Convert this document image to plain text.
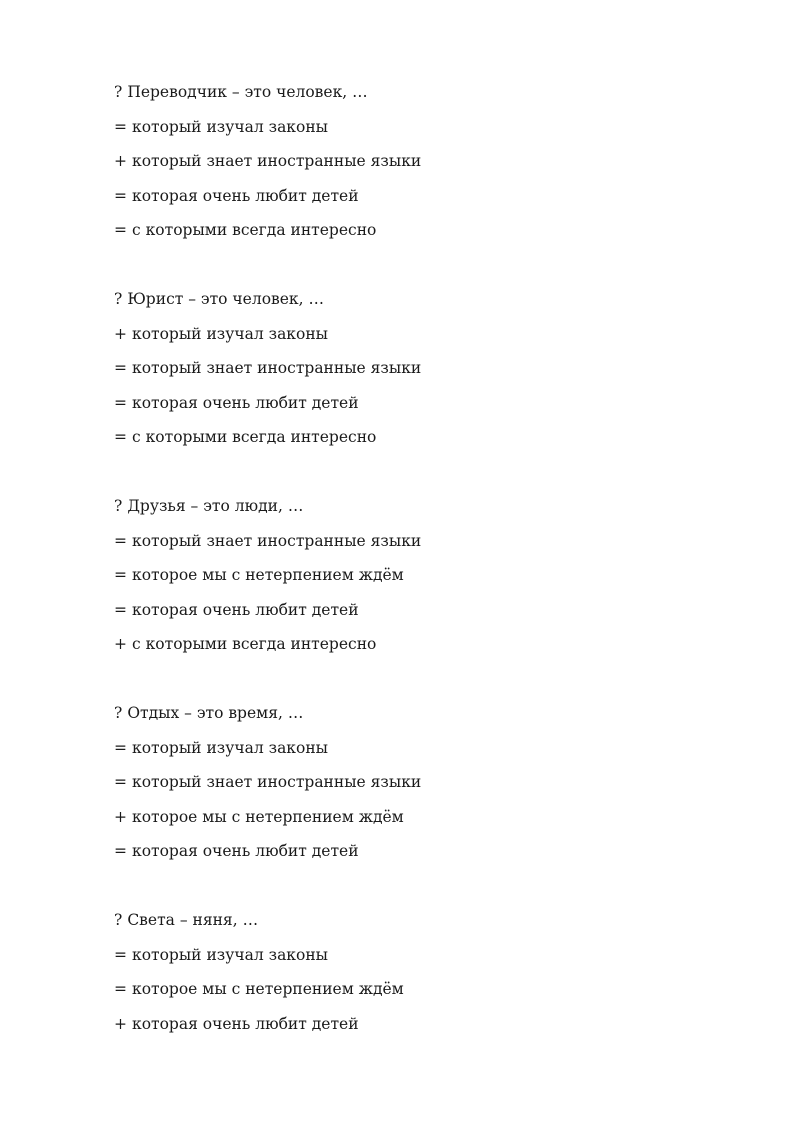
? Переводчик – это человек, …
= который изучал законы
+ который знает иностранные языки
= которая очень любит детей
= с которыми всегда интересно
? Юрист – это человек, …
+ который изучал законы
= который знает иностранные языки
= которая очень любит детей
= с которыми всегда интересно
? Друзья – это люди, …
= который знает иностранные языки
= которое мы с нетерпением ждём
= которая очень любит детей
+ с которыми всегда интересно
? Отдых – это время, …
= который изучал законы
= который знает иностранные языки
+ которое мы с нетерпением ждём
= которая очень любит детей
? Света – няня, …
= который изучал законы
= которое мы с нетерпением ждём
+ которая очень любит детей
